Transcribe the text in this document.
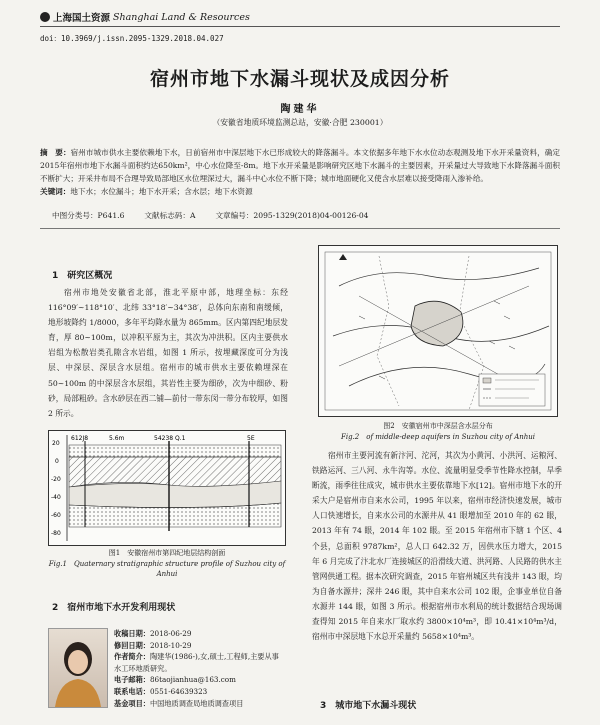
上海国土资源 Shanghai Land & Resources
doi：10.3969/j.issn.2095-1329.2018.04.027
宿州市地下水漏斗现状及成因分析
陶建华
（安徽省地质环境监测总站，安徽·合肥 230001）
摘　要：宿州市城市供水主要依赖地下水，日前宿州市中深层地下水已形成较大的降落漏斗。本文依据多年地下水水位动态观测及地下水开采量资料，确定2015年宿州市地下水漏斗面积约达650km²，中心水位降至-8m。地下水开采量是影响研究区地下水漏斗的主要因素，开采量过大导致地下水降落漏斗面积不断扩大；开采井布局不合理导致局部地区水位埋深过大，漏斗中心水位不断下降；城市地面硬化又使含水层难以接受降雨入渗补给。
关键词：地下水；水位漏斗；地下水开采；含水层；地下水资源
中图分类号：P641.6	文献标志码：A	文章编号：2095-1329(2018)04-00126-04
1　研究区概况
宿州市地处安徽省北部，淮北平原中部，地理坐标：东经 116°09′~118°10′、北纬 33°18′~34°38′，总体向东南和南缓倾，地形坡降约 1/8000，多年平均降水量为 865mm。区内第四纪地层发育，厚 80~100m，以冲积平原为主，其次为冲洪积。区内主要供水岩组为松散岩类孔隙含水岩组，如图 1 所示，按埋藏深度可分为浅层、中深层、深层含水层组。宿州市的城市供水主要依赖埋深在 50~100m 的中深层含水层组，其岩性主要为细砂，次为中细砂、粉砂，局部粗砂。含水砂层在西二铺—前付一带东闵一带分布较厚，如图 2 所示。
20
0
-20
-40
-60
-80
612J8	54238 Q.1	5E
5.6m
图1　安徽宿州市第四纪地层结构剖面
Fig.1　Quaternary stratigraphic structure profile of Suzhou city of Anhui
2　宿州市地下水开发利用现状
收稿日期：2018-06-29
修回日期：2018-10-29
作者简介：陶建华(1986-),女,硕士,工程师,主要从事水工环地质研究。
电子邮箱：86taojianhua@163.com
联系电话：0551-64639323
基金项目：中国地质调查局地质调查项目
图2　安徽宿州市中深层含水层分布
Fig.2　of middle-deep aquifers in Suzhou city of Anhui
宿州市主要河流有新汴河、沱河，其次为小黄河、小洪河、运粮河、铁路运河、三八河、永牛沟等。水位、流量明显受季节性降水控制，旱季断流，雨季往往成灾，城市供水主要依靠地下水[12]。宿州市地下水的开采大户是宿州市自来水公司，1995 年以来，宿州市经济快速发展，城市人口快速增长，自来水公司的水源井从 41 眼增加至 2010 年的 62 眼，2013 年有 74 眼，2014 年 102 眼。至 2015 年宿州市下辖 1 个区、4 个县，总面积 9787km²，总人口 642.32 万，因供水压力增大，2015 年 6 月完成了汴北水厂连接城区的沿滑线大道、洪河路、人民路的供水主管网供通工程。据本次研究调查，2015 年宿州城区共有浅井 143 眼，均为自备水源井；深井 246 眼，其中自来水公司 102 眼，企事业单位自备水源井 144 眼，如图 3 所示。根据宿州市水利局的统计数据结合现场调查得知 2015 年自来水厂取水约 3800×10⁴m³，即 10.41×10⁴m³/d，宿州市中深层地下水总开采量约 5658×10⁴m³。
3　城市地下水漏斗现状
